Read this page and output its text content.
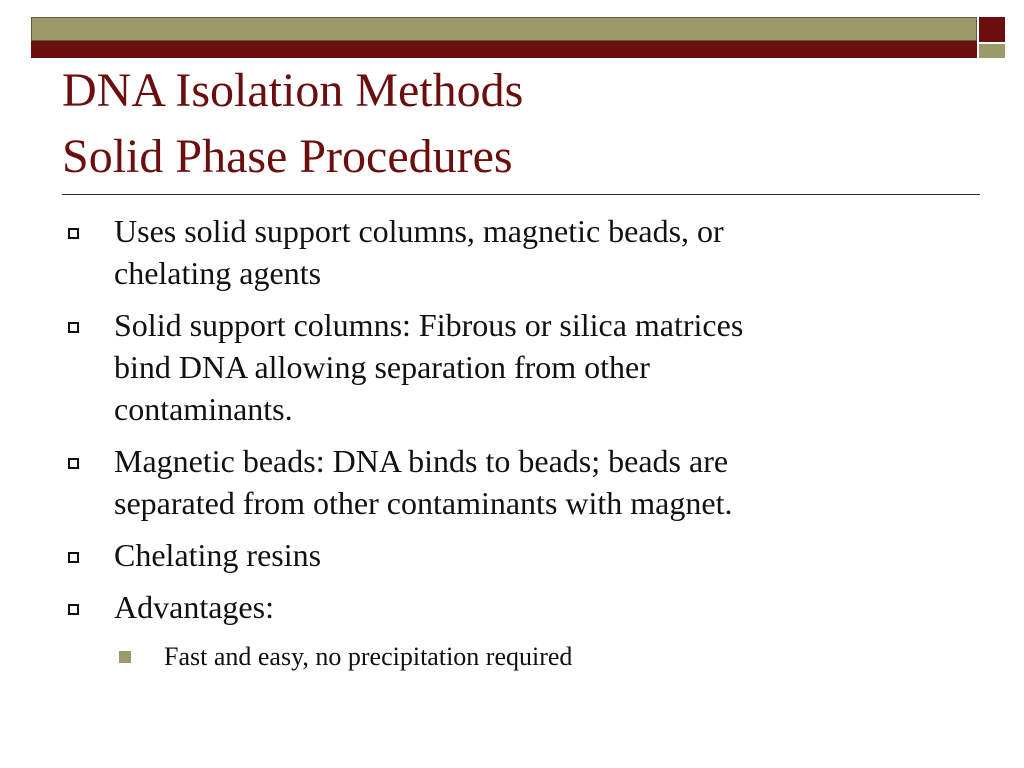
DNA Isolation Methods
Solid Phase Procedures
Uses solid support columns, magnetic beads, or
chelating agents
Solid support columns: Fibrous or silica matrices
bind DNA allowing separation from other
contaminants.
Magnetic beads: DNA binds to beads; beads are
separated from other contaminants with magnet.
Chelating resins
Advantages:
Fast and easy, no precipitation required
